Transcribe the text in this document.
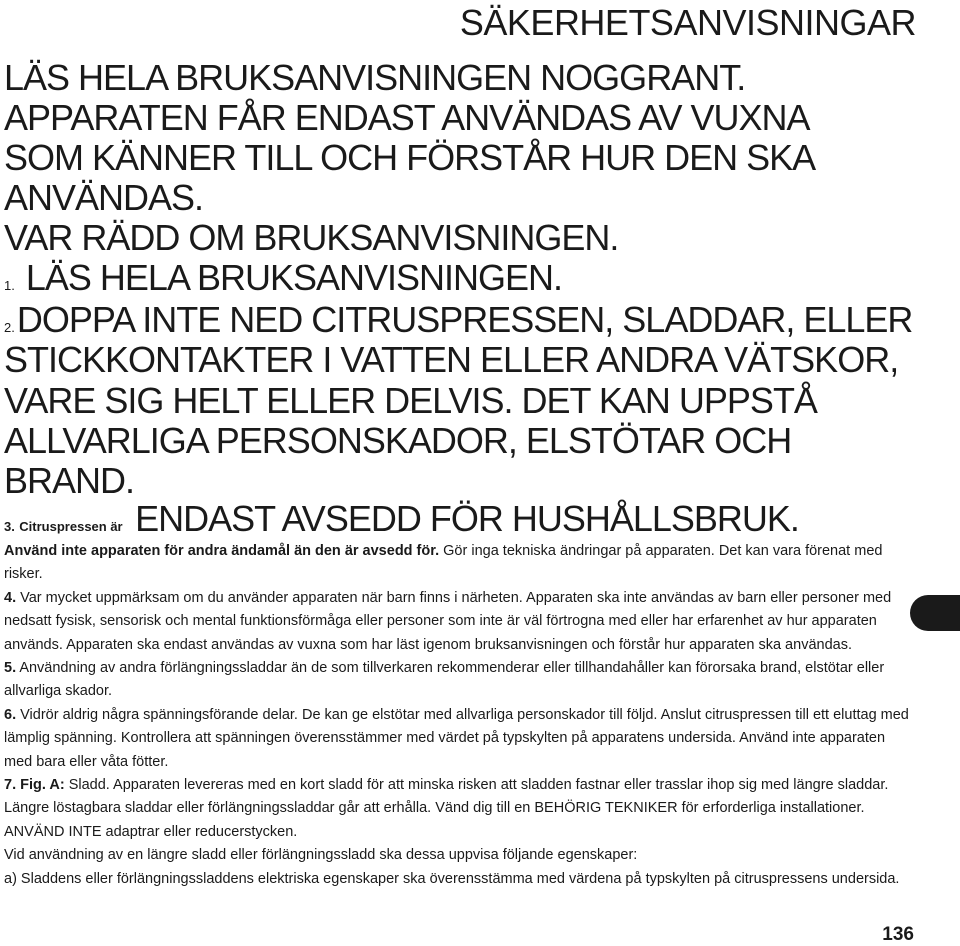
SÄKERHETSANVISNINGAR

LÄS HELA BRUKSANVISNINGEN NOGGRANT.

APPARATEN FÅR ENDAST ANVÄNDAS AV VUXNA

SOM KÄNNER TILL OCH FÖRSTÅR HUR DEN SKA

ANVÄNDAS.

VAR RÄDD OM BRUKSANVISNINGEN.

1. LÄS HELA BRUKSANVISNINGEN.

2.DOPPA INTE NED CITRUSPRESSEN, SLADDAR, ELLER

STICKKONTAKTER I VATTEN ELLER ANDRA VÄTSKOR,

VARE SIG HELT ELLER DELVIS. DET KAN UPPSTÅ

ALLVARLIGA PERSONSKADOR, ELSTÖTAR OCH

BRAND.

3. Citruspressen är ENDAST AVSEDD FÖR HUSHÅLLSBRUK.

Använd inte apparaten för andra ändamål än den är avsedd för. Gör inga tekniska ändringar på apparaten. Det kan vara förenat med risker.

4. Var mycket uppmärksam om du använder apparaten när barn finns i närheten. Apparaten ska inte användas av barn eller personer med nedsatt fysisk, sensorisk och mental funktionsförmåga eller personer som inte är väl förtrogna med eller har erfarenhet av hur apparaten används. Apparaten ska endast användas av vuxna som har läst igenom bruksanvisningen och förstår hur apparaten ska användas.

5. Användning av andra förlängningssladdar än de som tillverkaren rekommenderar eller tillhandahåller kan förorsaka brand, elstötar eller allvarliga skador.

6. Vidrör aldrig några spänningsförande delar. De kan ge elstötar med allvarliga personskador till följd. Anslut citruspressen till ett eluttag med lämplig spänning. Kontrollera att spänningen överensstämmer med värdet på typskylten på apparatens undersida. Använd inte apparaten med bara eller våta fötter.

7. Fig. A: Sladd. Apparaten levereras med en kort sladd för att minska risken att sladden fastnar eller trasslar ihop sig med längre sladdar. Längre löstagbara sladdar eller förlängningssladdar går att erhålla. Vänd dig till en BEHÖRIG TEKNIKER för erforderliga installationer. ANVÄND INTE adaptrar eller reducerstycken.

Vid användning av en längre sladd eller förlängningssladd ska dessa uppvisa följande egenskaper:

a) Sladdens eller förlängningssladdens elektriska egenskaper ska överensstämma med värdena på typskylten på citruspressens undersida.

136
